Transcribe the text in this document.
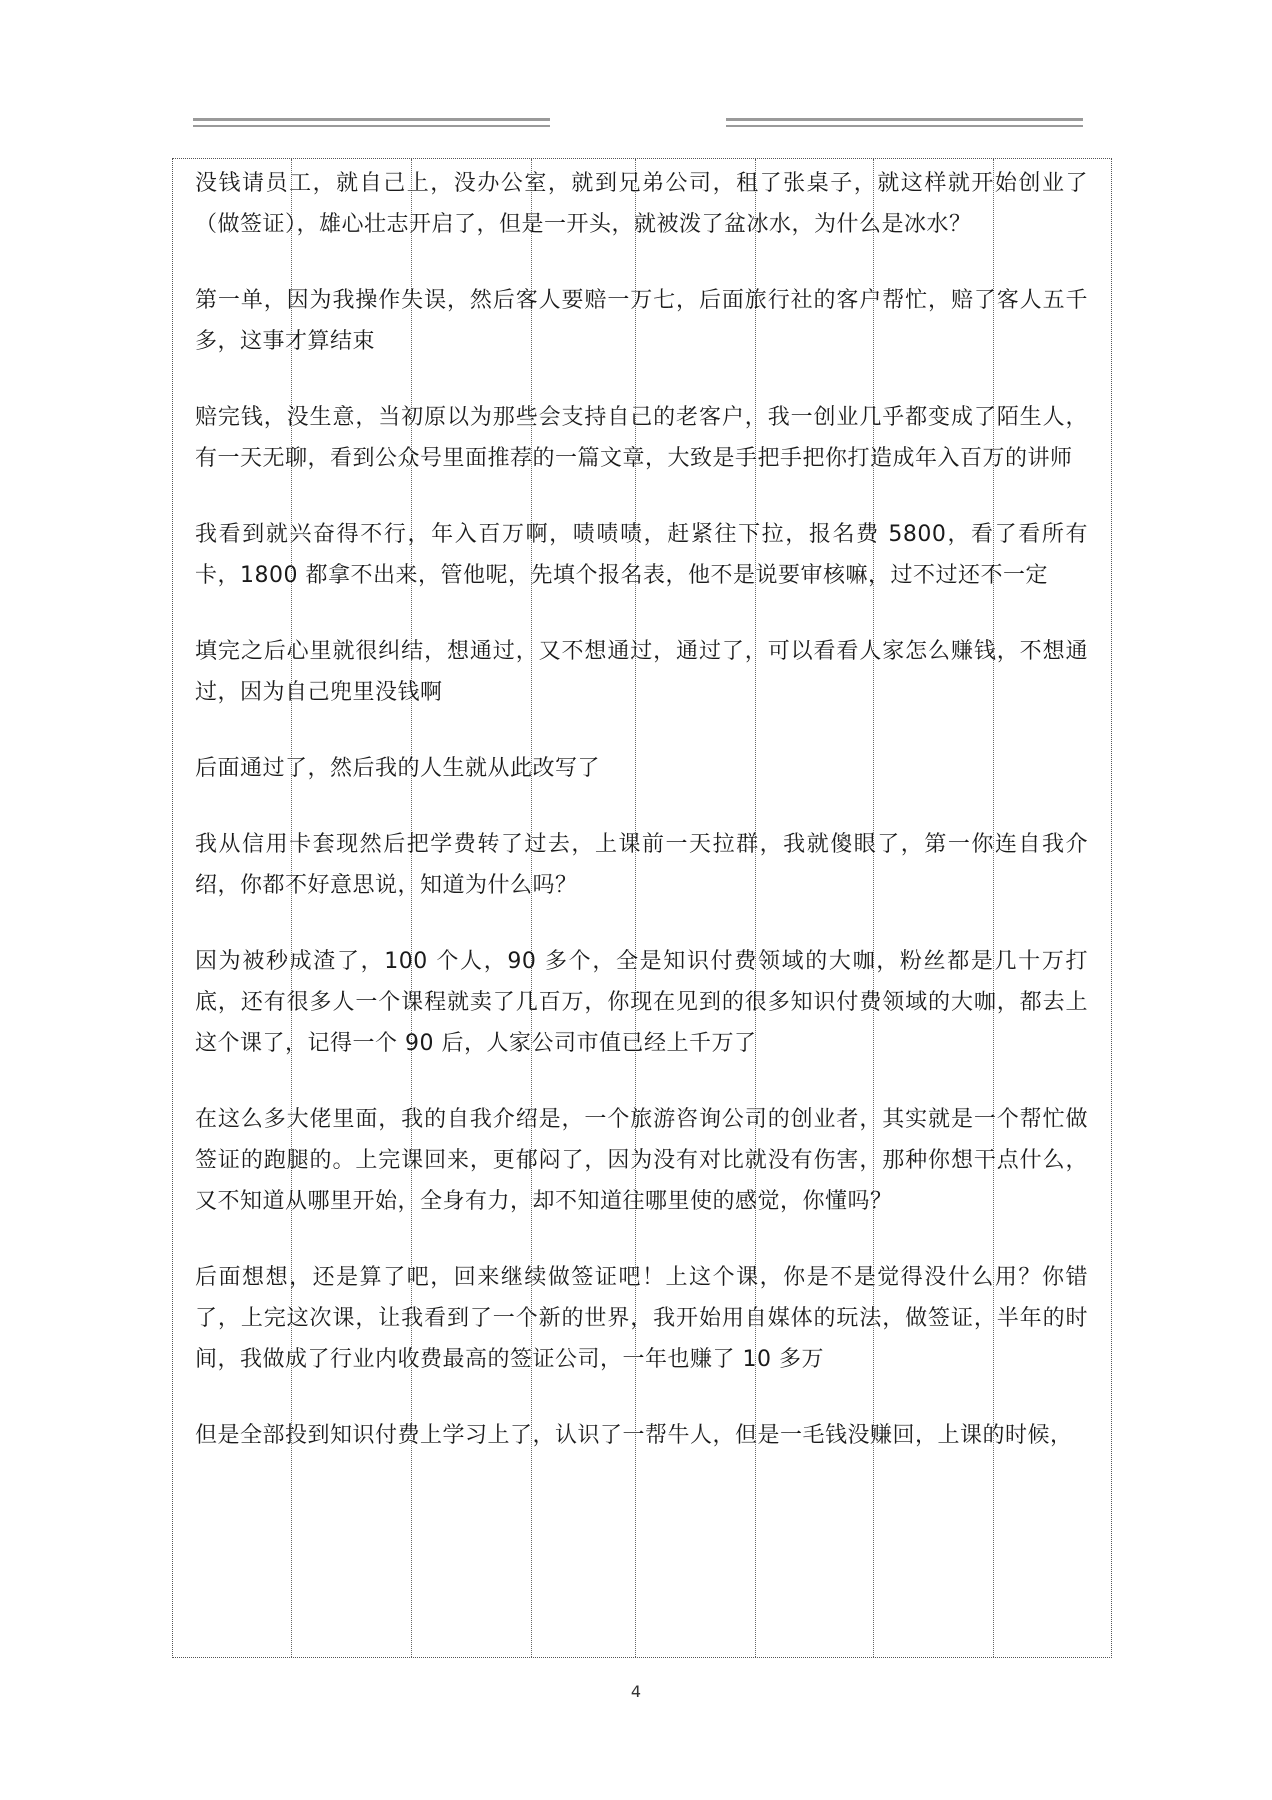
没钱请员工，就自己上，没办公室，就到兄弟公司，租了张桌子，就这样就开始创业了（做签证），雄心壮志开启了，但是一开头，就被泼了盆冰水，为什么是冰水？

第一单，因为我操作失误，然后客人要赔一万七，后面旅行社的客户帮忙，赔了客人五千多，这事才算结束

赔完钱，没生意，当初原以为那些会支持自己的老客户，我一创业几乎都变成了陌生人，有一天无聊，看到公众号里面推荐的一篇文章，大致是手把手把你打造成年入百万的讲师

我看到就兴奋得不行，年入百万啊，啧啧啧，赶紧往下拉，报名费 5800，看了看所有卡，1800 都拿不出来，管他呢，先填个报名表，他不是说要审核嘛，过不过还不一定

填完之后心里就很纠结，想通过，又不想通过，通过了，可以看看人家怎么赚钱，不想通过，因为自己兜里没钱啊

后面通过了，然后我的人生就从此改写了

我从信用卡套现然后把学费转了过去，上课前一天拉群，我就傻眼了，第一你连自我介绍，你都不好意思说，知道为什么吗？

因为被秒成渣了，100 个人，90 多个，全是知识付费领域的大咖，粉丝都是几十万打底，还有很多人一个课程就卖了几百万，你现在见到的很多知识付费领域的大咖，都去上这个课了，记得一个 90 后，人家公司市值已经上千万了

在这么多大佬里面，我的自我介绍是，一个旅游咨询公司的创业者，其实就是一个帮忙做签证的跑腿的。上完课回来，更郁闷了，因为没有对比就没有伤害，那种你想干点什么，又不知道从哪里开始，全身有力，却不知道往哪里使的感觉，你懂吗？

后面想想，还是算了吧，回来继续做签证吧！上这个课，你是不是觉得没什么用？你错了，上完这次课，让我看到了一个新的世界，我开始用自媒体的玩法，做签证，半年的时间，我做成了行业内收费最高的签证公司，一年也赚了 10 多万

但是全部投到知识付费上学习上了，认识了一帮牛人，但是一毛钱没赚回，上课的时候，

4
